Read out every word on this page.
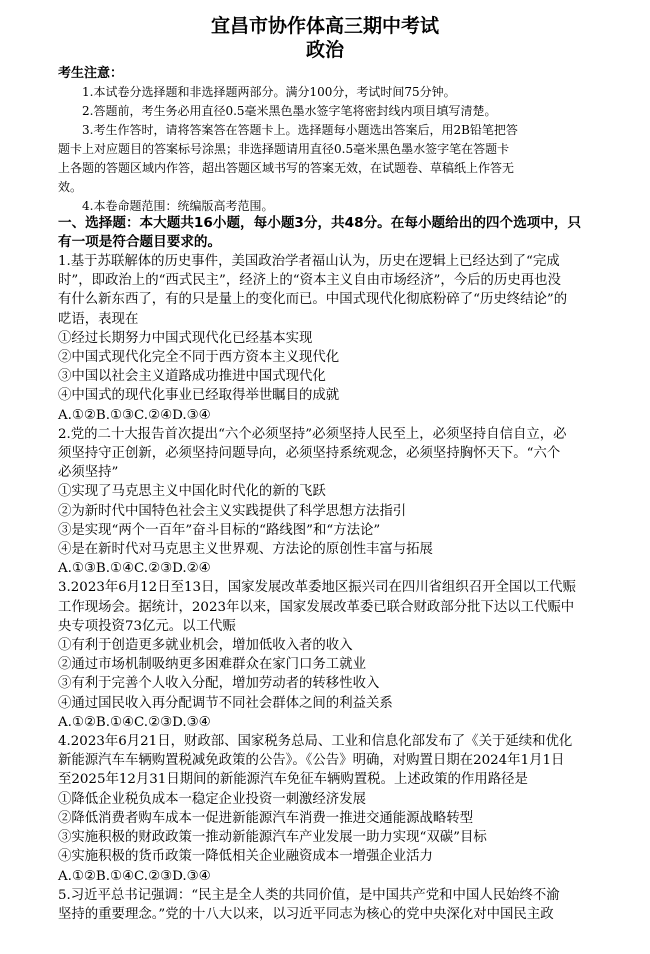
宜昌市协作体高三期中考试
政治
考生注意：

1.本试卷分选择题和非选择题两部分。满分100分，考试时间75分钟。

2.答题前，考生务必用直径0.5毫米黑色墨水签字笔将密封线内项目填写清楚。

3.考生作答时，请将答案答在答题卡上。选择题每小题选出答案后，用2B铅笔把答

题卡上对应题目的答案标号涂黑；非选择题请用直径0.5毫米黑色墨水签字笔在答题卡

上各题的答题区域内作答，超出答题区域书写的答案无效，在试题卷、草稿纸上作答无

效。

4.本卷命题范围：统编版高考范围。

一、选择题：本大题共16小题，每小题3分，共48分。在每小题给出的四个选项中，只
有一项是符合题目要求的。
1.基于苏联解体的历史事件，美国政治学者福山认为，历史在逻辑上已经达到了“完成
时”，即政治上的“西式民主”，经济上的“资本主义自由市场经济”，今后的历史再也没
有什么新东西了，有的只是量上的变化而已。中国式现代化彻底粉碎了“历史终结论”的
呓语，表现在
①经过长期努力中国式现代化已经基本实现
②中国式现代化完全不同于西方资本主义现代化
③中国以社会主义道路成功推进中国式现代化
④中国式的现代化事业已经取得举世瞩目的成就
A.①②B.①③C.②④D.③④
2.党的二十大报告首次提出“六个必须坚持”必须坚持人民至上，必须坚持自信自立，必
须坚持守正创新，必须坚持问题导向，必须坚持系统观念，必须坚持胸怀天下。“六个
必须坚持”
①实现了马克思主义中国化时代化的新的飞跃
②为新时代中国特色社会主义实践提供了科学思想方法指引
③是实现“两个一百年”奋斗目标的“路线图”和“方法论”
④是在新时代对马克思主义世界观、方法论的原创性丰富与拓展
A.①③B.①④C.②③D.②④
3.2023年6月12日至13日，国家发展改革委地区振兴司在四川省组织召开全国以工代赈
工作现场会。据统计，2023年以来，国家发展改革委已联合财政部分批下达以工代赈中
央专项投资73亿元。以工代赈
①有利于创造更多就业机会，增加低收入者的收入
②通过市场机制吸纳更多困难群众在家门口务工就业
③有利于完善个人收入分配，增加劳动者的转移性收入
④通过国民收入再分配调节不同社会群体之间的利益关系
A.①②B.①④C.②③D.③④
4.2023年6月21日，财政部、国家税务总局、工业和信息化部发布了《关于延续和优化
新能源汽车车辆购置税减免政策的公告》。《公告》明确，对购置日期在2024年1月1日
至2025年12月31日期间的新能源汽车免征车辆购置税。上述政策的作用路径是
①降低企业税负成本一稳定企业投资一刺激经济发展
②降低消费者购车成本一促进新能源汽车消费一推进交通能源战略转型
③实施积极的财政政策一推动新能源汽车产业发展一助力实现“双碳”目标
④实施积极的货币政策一降低相关企业融资成本一增强企业活力
A.①②B.①④C.②③D.③④
5.习近平总书记强调：“民主是全人类的共同价值，是中国共产党和中国人民始终不渝
坚持的重要理念。”党的十八大以来，以习近平同志为核心的党中央深化对中国民主政
